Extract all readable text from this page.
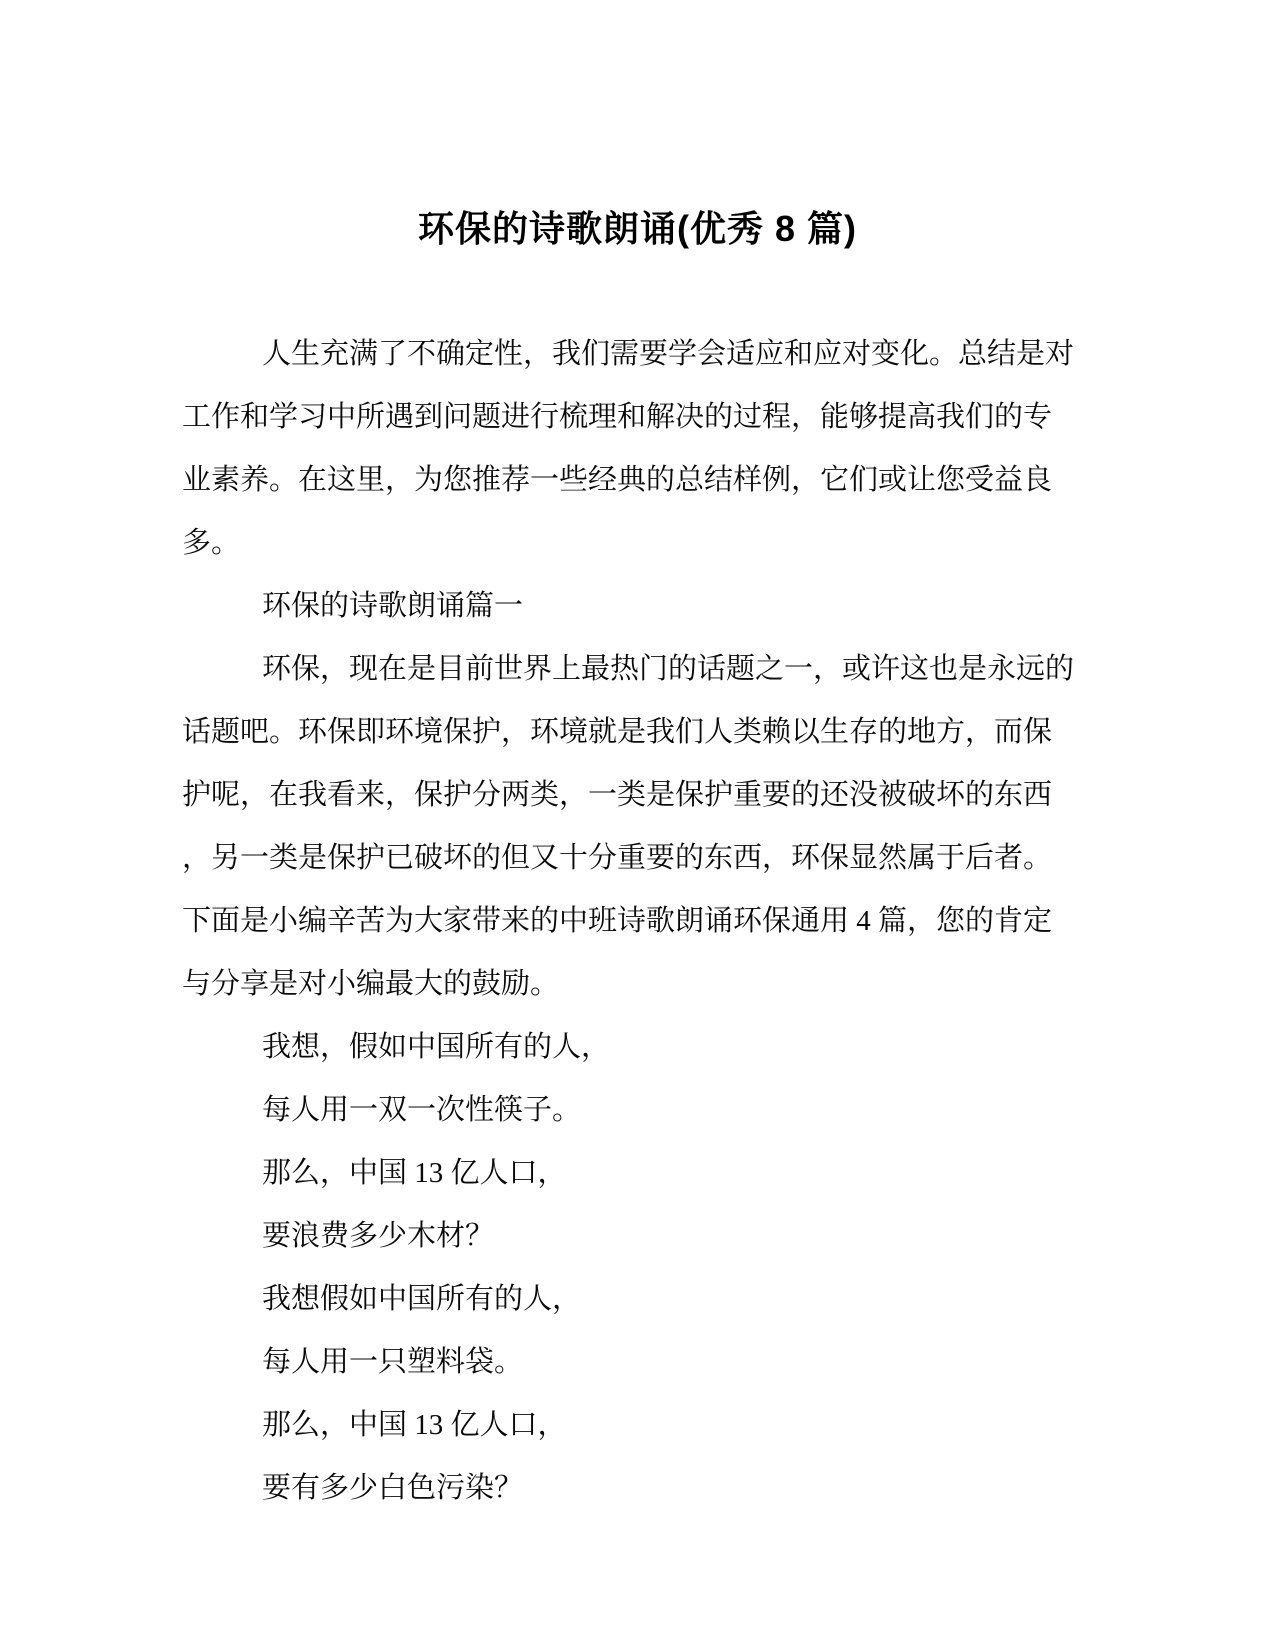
环保的诗歌朗诵(优秀 8 篇)
人生充满了不确定性，我们需要学会适应和应对变化。总结是对
工作和学习中所遇到问题进行梳理和解决的过程，能够提高我们的专
业素养。在这里，为您推荐一些经典的总结样例，它们或让您受益良
多。
环保的诗歌朗诵篇一
环保，现在是目前世界上最热门的话题之一，或许这也是永远的
话题吧。环保即环境保护，环境就是我们人类赖以生存的地方，而保
护呢，在我看来，保护分两类，一类是保护重要的还没被破坏的东西
，另一类是保护已破坏的但又十分重要的东西，环保显然属于后者。
下面是小编辛苦为大家带来的中班诗歌朗诵环保通用 4 篇，您的肯定
与分享是对小编最大的鼓励。
我想，假如中国所有的人，
每人用一双一次性筷子。
那么，中国 13 亿人口，
要浪费多少木材？
我想假如中国所有的人，
每人用一只塑料袋。
那么，中国 13 亿人口，
要有多少白色污染？
